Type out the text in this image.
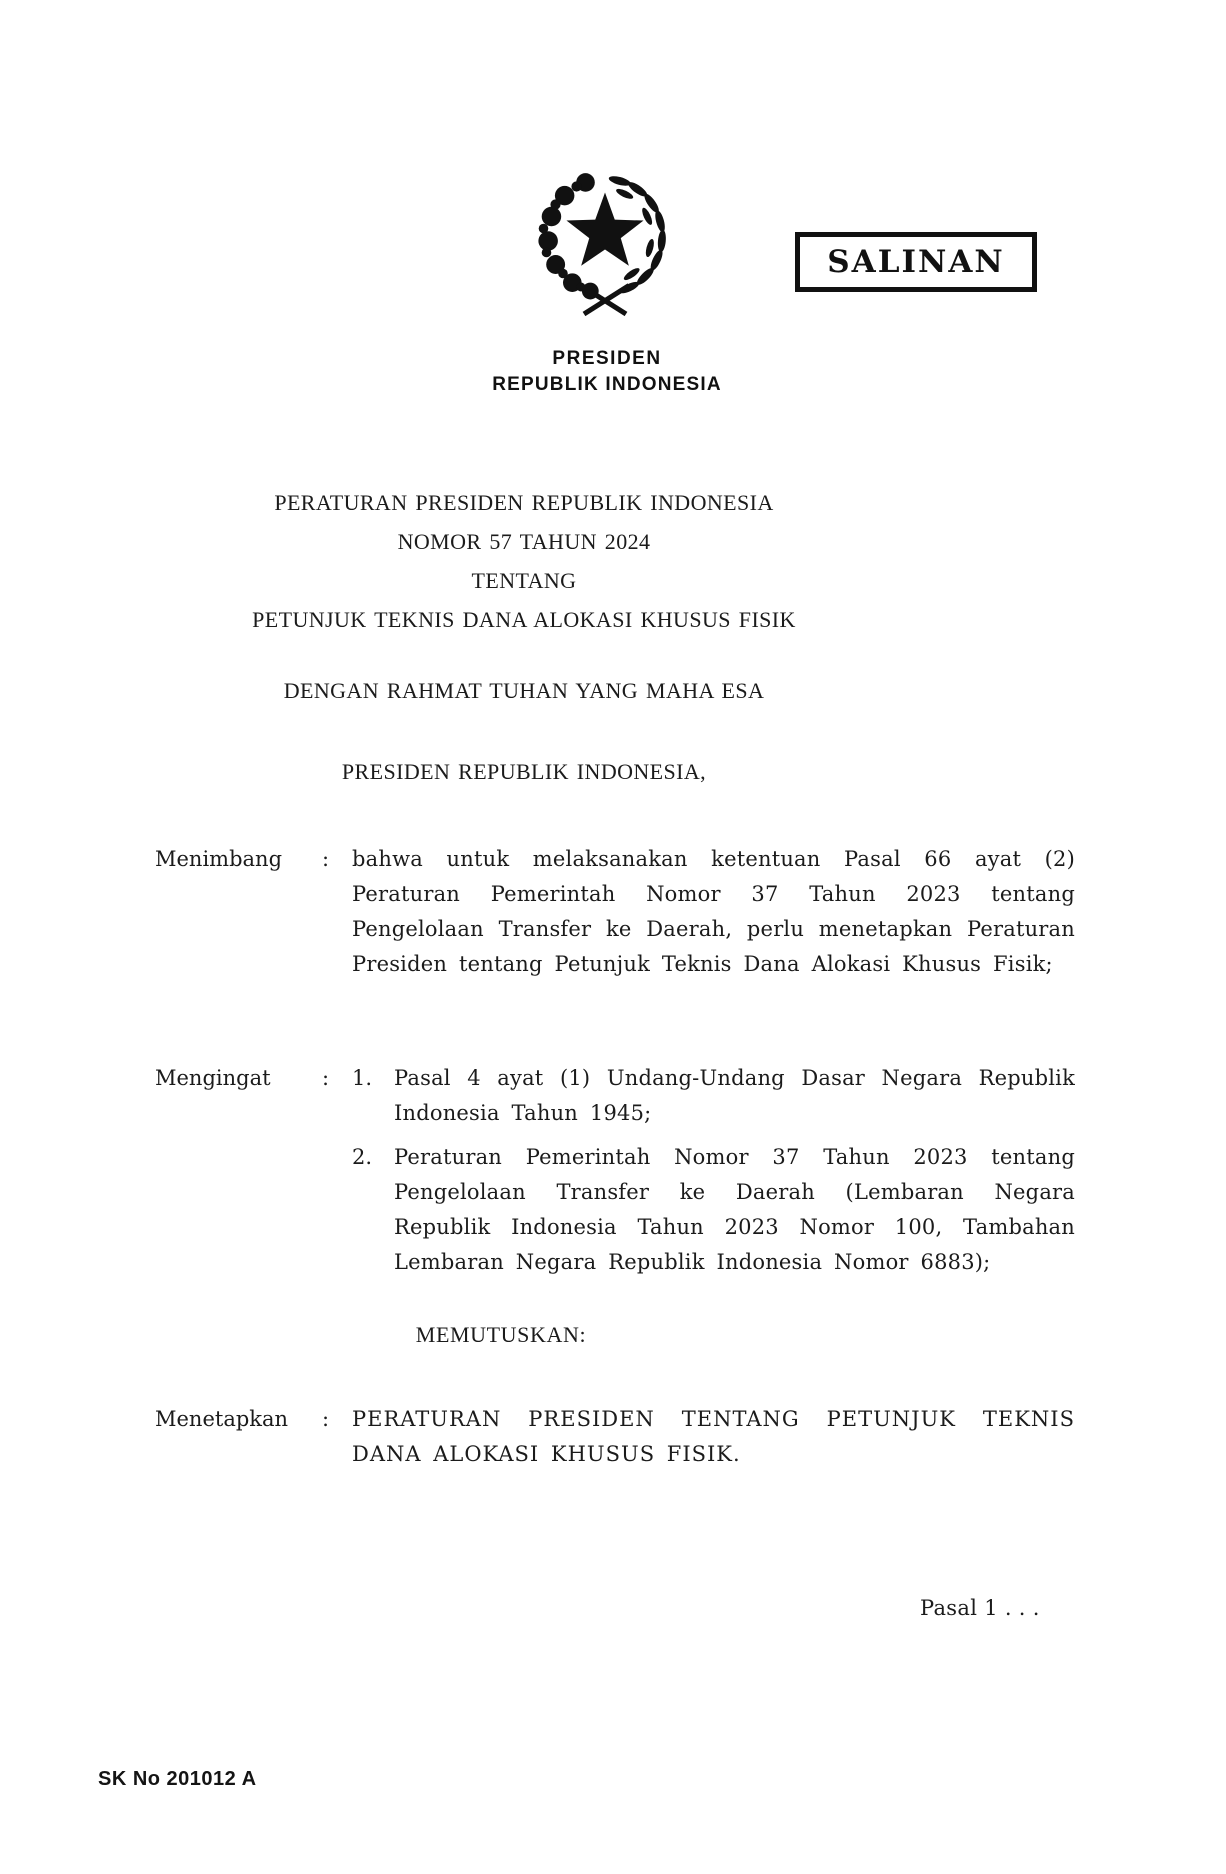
PRESIDEN
REPUBLIK INDONESIA
SALINAN
PERATURAN PRESIDEN REPUBLIK INDONESIA
NOMOR 57 TAHUN 2024
TENTANG
PETUNJUK TEKNIS DANA ALOKASI KHUSUS FISIK
DENGAN RAHMAT TUHAN YANG MAHA ESA
PRESIDEN REPUBLIK INDONESIA,
Menimbang	:	bahwa untuk melaksanakan ketentuan Pasal 66 ayat (2) Peraturan Pemerintah Nomor 37 Tahun 2023 tentang Pengelolaan Transfer ke Daerah, perlu menetapkan Peraturan Presiden tentang Petunjuk Teknis Dana Alokasi Khusus Fisik;
Mengingat	:	1.	Pasal 4 ayat (1) Undang-Undang Dasar Negara Republik Indonesia Tahun 1945;
2.	Peraturan Pemerintah Nomor 37 Tahun 2023 tentang Pengelolaan Transfer ke Daerah (Lembaran Negara Republik Indonesia Tahun 2023 Nomor 100, Tambahan Lembaran Negara Republik Indonesia Nomor 6883);
MEMUTUSKAN:
Menetapkan	:	PERATURAN PRESIDEN TENTANG PETUNJUK TEKNIS DANA ALOKASI KHUSUS FISIK.
Pasal 1 . . .
SK No 201012 A
